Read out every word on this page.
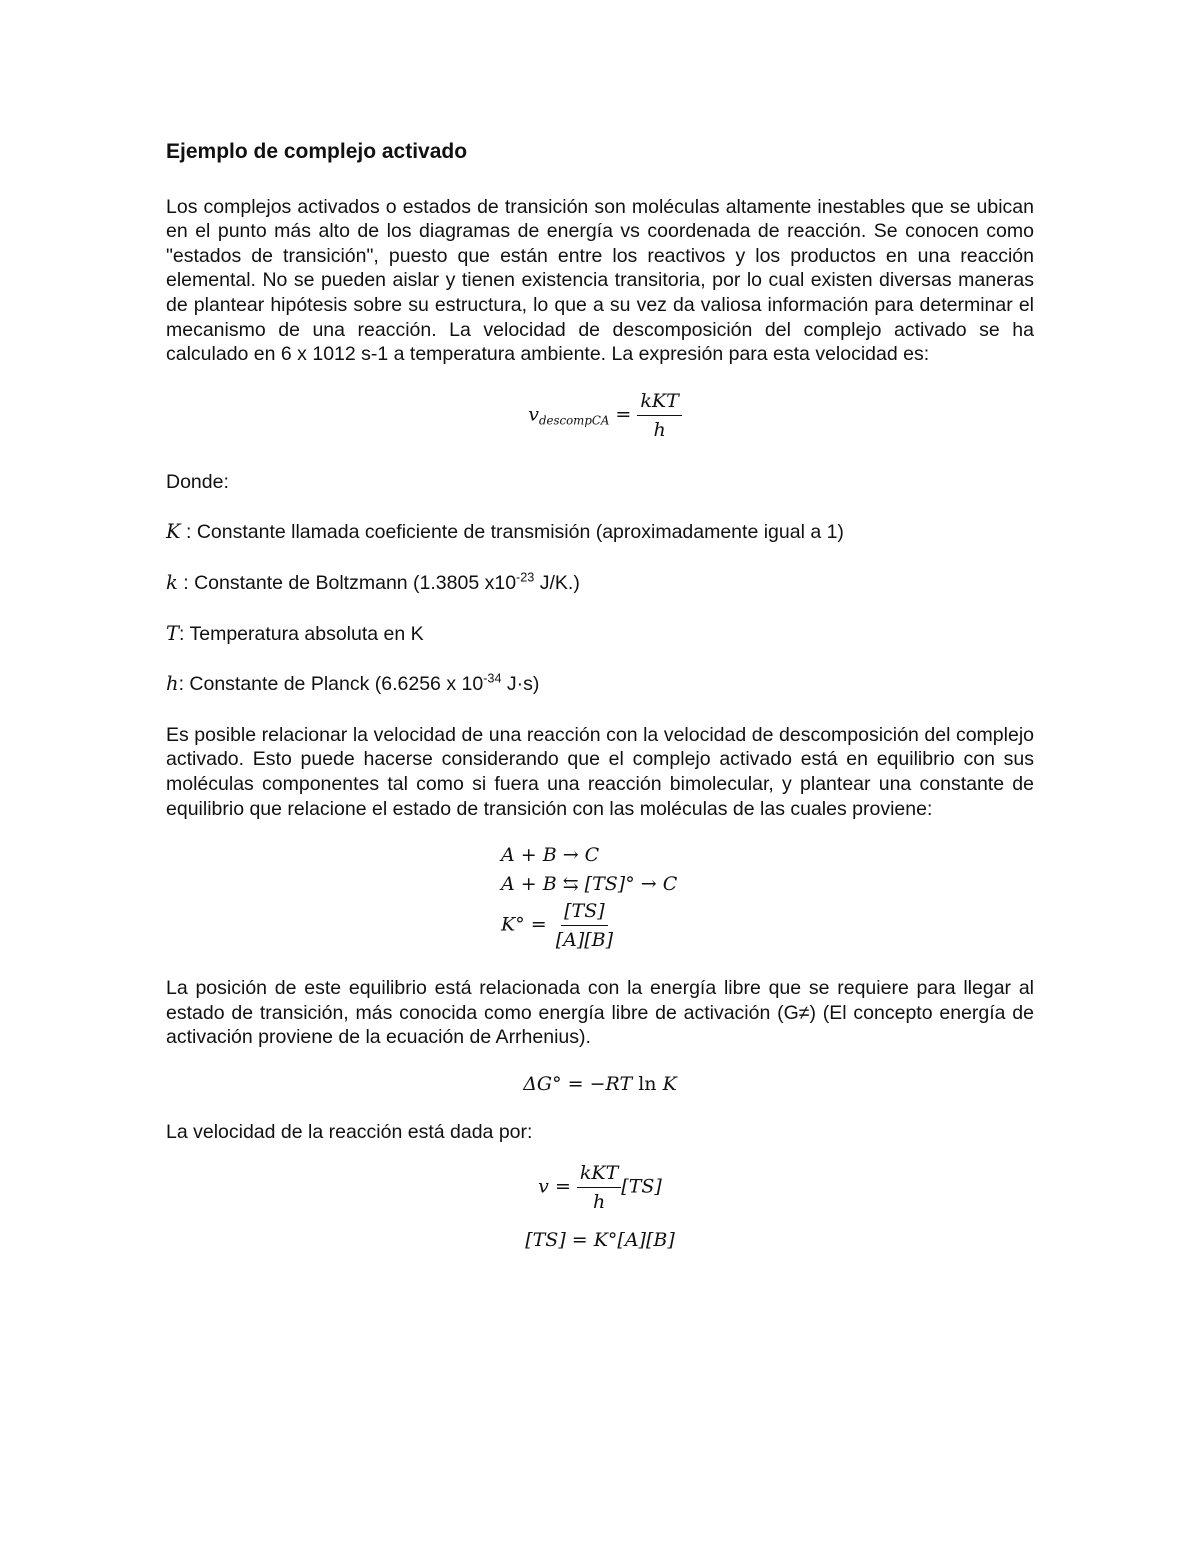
Ejemplo de complejo activado

Los complejos activados o estados de transición son moléculas altamente inestables que se ubican en el punto más alto de los diagramas de energía vs coordenada de reacción. Se conocen como "estados de transición", puesto que están entre los reactivos y los productos en una reacción elemental. No se pueden aislar y tienen existencia transitoria, por lo cual existen diversas maneras de plantear hipótesis sobre su estructura, lo que a su vez da valiosa información para determinar el mecanismo de una reacción. La velocidad de descomposición del complejo activado se ha calculado en 6 x 1012 s-1 a temperatura ambiente. La expresión para esta velocidad es:

$v_{descompCA} = \frac{\text{kKT}}{h}$

Donde:

K : Constante llamada coeficiente de transmisión (aproximadamente igual a 1)

k : Constante de Boltzmann (1.3805 $x10^{-23}$ J/K.)

T: Temperatura absoluta en K

h: Constante de Planck (6.6256 x $10^{-34}$ J·s)

Es posible relacionar la velocidad de una reacción con la velocidad de descomposición del complejo activado. Esto puede hacerse considerando que el complejo activado está en equilibrio con sus moléculas componentes tal como si fuera una reacción bimolecular, y plantear una constante de equilibrio que relacione el estado de transición con las moléculas de las cuales proviene:

A + B → C
A + B ⇆ [TS]° → C
$K^\circ = \frac{[TS]}{[A][B]}$

La posición de este equilibrio está relacionada con la energía libre que se requiere para llegar al estado de transición, más conocida como energía libre de activación (G≠) (El concepto energía de activación proviene de la ecuación de Arrhenius).

ΔG° = −RT ln K

La velocidad de la reacción está dada por:

$v = \frac{\text{kKT}}{h} [TS]$
[TS] = K°[A][B]
